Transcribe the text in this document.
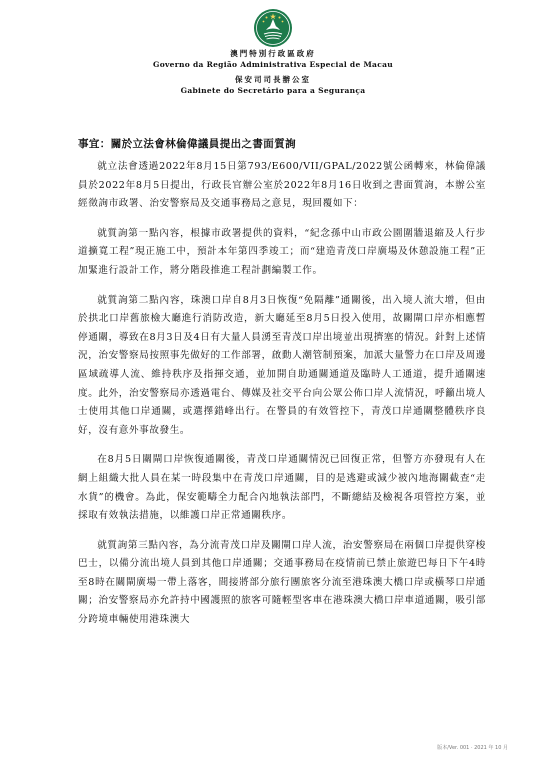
澳門特別行政區政府
Governo da Região Administrativa Especial de Macau
保安司司長辦公室
Gabinete do Secretário para a Segurança
事宜：關於立法會林倫偉議員提出之書面質詢

就立法會透過2022年8月15日第793/E600/VII/GPAL/2022號公函轉來，林倫偉議員於2022年8月5日提出，行政長官辦公室於2022年8月16日收到之書面質詢，本辦公室經徵詢市政署、治安警察局及交通事務局之意見，現回覆如下：

就質詢第一點內容，根據市政署提供的資料，“紀念孫中山市政公園圍牆退縮及人行步道擴寬工程”現正施工中，預計本年第四季竣工；而“建造青茂口岸廣場及休憩設施工程”正加緊進行設計工作，將分階段推進工程計劃編製工作。

就質詢第二點內容，珠澳口岸自8月3日恢復“免隔離”通關後，出入境人流大增，但由於拱北口岸舊旅檢大廳進行消防改造，新大廳延至8月5日投入使用，故關閘口岸亦相應暫停通關，導致在8月3日及4日有大量人員湧至青茂口岸出境並出現擠塞的情況。針對上述情況，治安警察局按照事先做好的工作部署，啟動人潮管制預案，加派大量警力在口岸及周邊區域疏導人流、維持秩序及指揮交通，並加開自助通關通道及臨時人工通道，提升通關速度。此外，治安警察局亦透過電台、傳媒及社交平台向公眾公佈口岸人流情況，呼籲出境人士使用其他口岸通關，或選擇錯峰出行。在警員的有效管控下，青茂口岸通關整體秩序良好，沒有意外事故發生。

在8月5日關閘口岸恢復通關後，青茂口岸通關情況已回復正常，但警方亦發現有人在網上組織大批人員在某一時段集中在青茂口岸通關，目的是逃避或減少被內地海關截查“走水貨”的機會。為此，保安範疇全力配合內地執法部門，不斷總結及檢視各項管控方案，並採取有效執法措施，以維護口岸正常通關秩序。

就質詢第三點內容，為分流青茂口岸及關閘口岸人流，治安警察局在兩個口岸提供穿梭巴士，以備分流出境人員到其他口岸通關；交通事務局在疫情前已禁止旅遊巴每日下午4時至8時在關閘廣場一帶上落客，間接將部分旅行團旅客分流至港珠澳大橋口岸或橫琴口岸通關；治安警察局亦允許持中國護照的旅客可隨輕型客車在港珠澳大橋口岸車道通關，吸引部分跨境車輛使用港珠澳大

版本/Ver. 001 · 2021 年 10 月
